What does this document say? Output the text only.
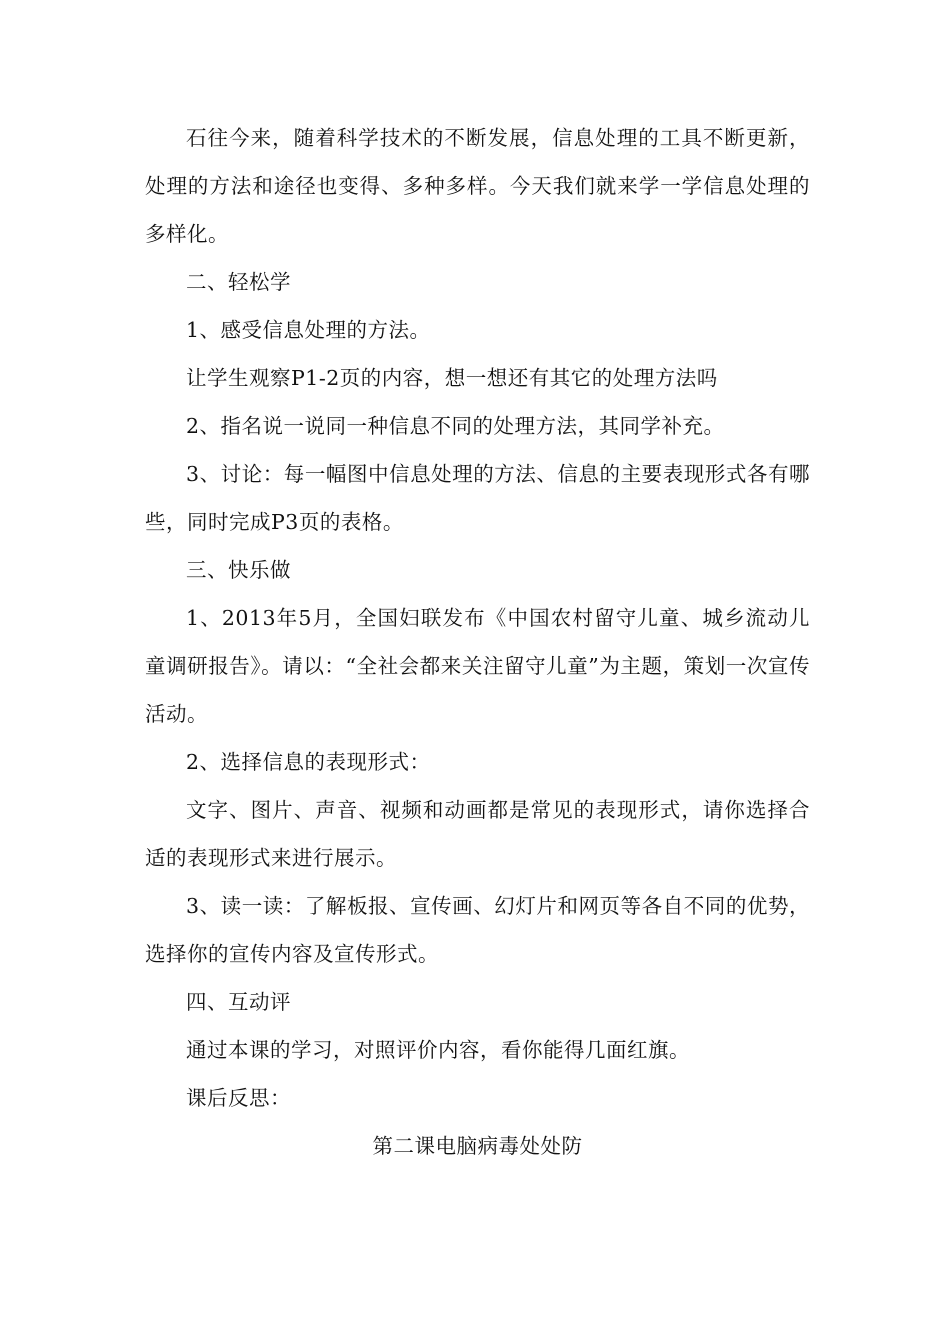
石往今来，随着科学技术的不断发展，信息处理的工具不断更新，处理的方法和途径也变得、多种多样。今天我们就来学一学信息处理的多样化。

二、轻松学

1、感受信息处理的方法。

让学生观察P1-2页的内容，想一想还有其它的处理方法吗

2、指名说一说同一种信息不同的处理方法，其同学补充。

3、讨论：每一幅图中信息处理的方法、信息的主要表现形式各有哪些，同时完成P3页的表格。

三、快乐做

1、2013年5月，全国妇联发布《中国农村留守儿童、城乡流动儿童调研报告》。请以：“全社会都来关注留守儿童”为主题，策划一次宣传活动。

2、选择信息的表现形式：

文字、图片、声音、视频和动画都是常见的表现形式，请你选择合适的表现形式来进行展示。

3、读一读：了解板报、宣传画、幻灯片和网页等各自不同的优势，选择你的宣传内容及宣传形式。

四、互动评

通过本课的学习，对照评价内容，看你能得几面红旗。

课后反思：

第二课电脑病毒处处防
